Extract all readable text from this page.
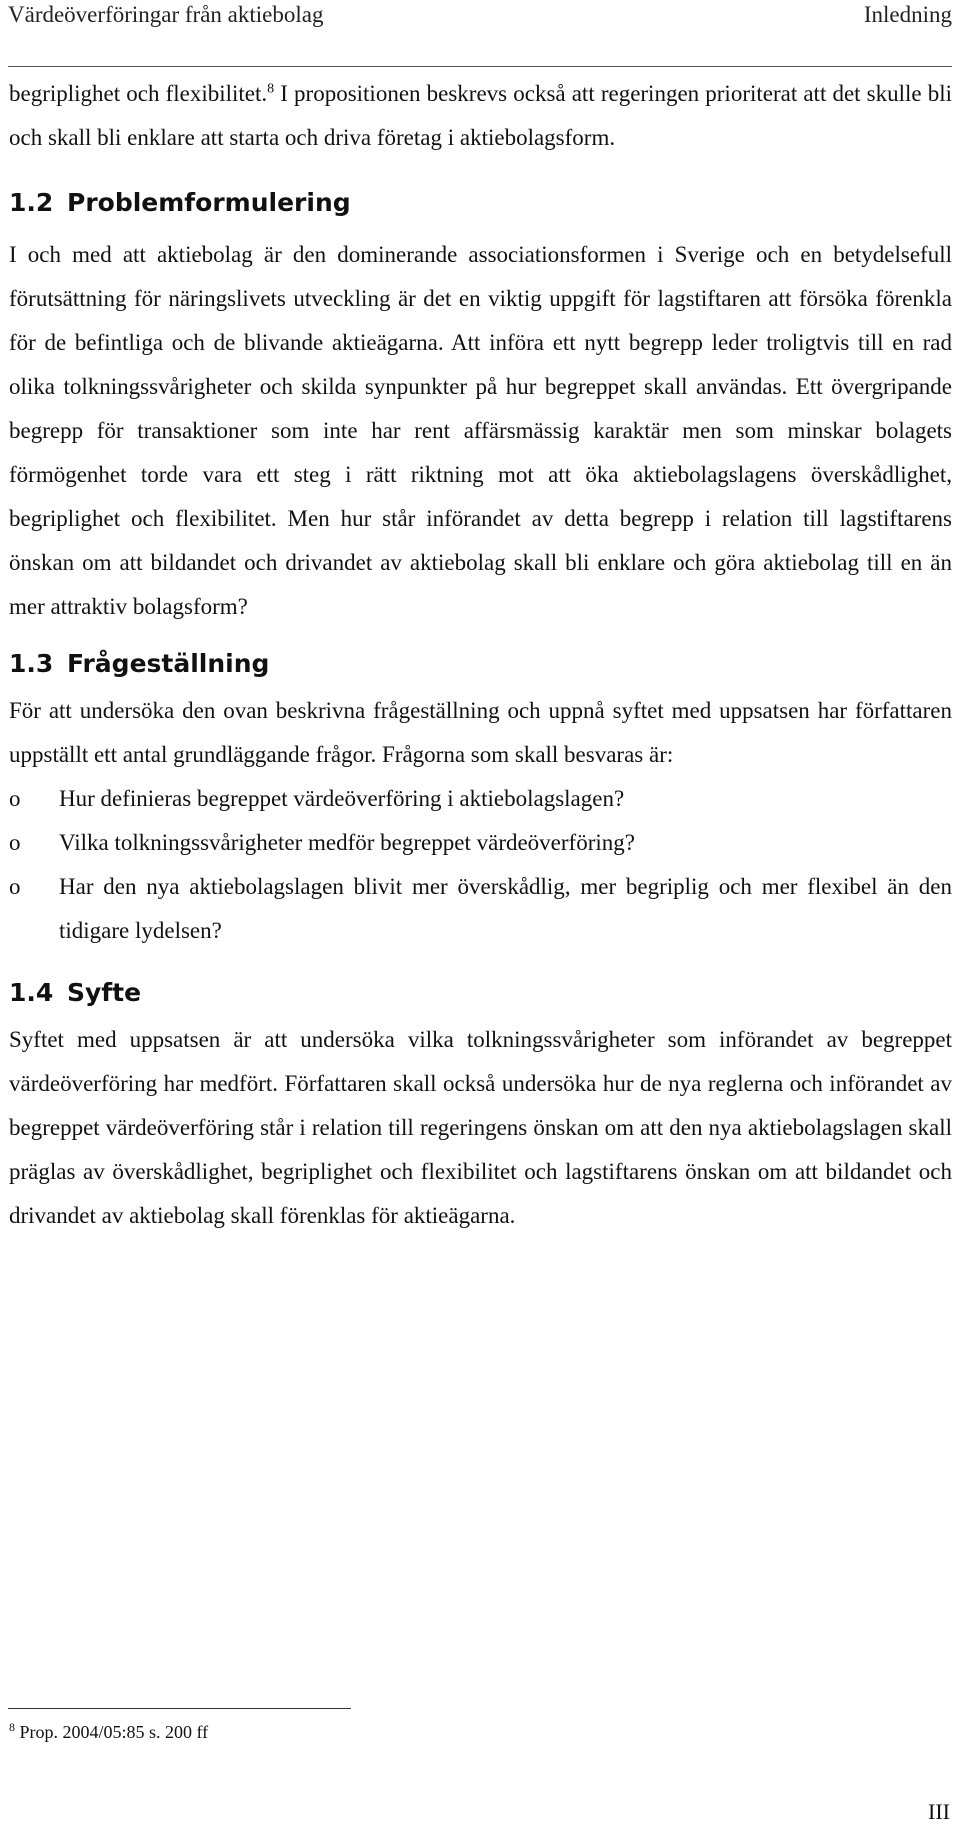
Värdeöverföringar från aktiebolag	Inledning

begriplighet och flexibilitet.$^8$ I propositionen beskrevs också att regeringen prioriterat att det skulle bli och skall bli enklare att starta och driva företag i aktiebolagsform.

1.2 Problemformulering

I och med att aktiebolag är den dominerande associationsformen i Sverige och en betydelsefull förutsättning för näringslivets utveckling är det en viktig uppgift för lagstiftaren att försöka förenkla för de befintliga och de blivande aktieägarna. Att införa ett nytt begrepp leder troligtvis till en rad olika tolkningssvårigheter och skilda synpunkter på hur begreppet skall användas. Ett övergripande begrepp för transaktioner som inte har rent affärsmässig karaktär men som minskar bolagets förmögenhet torde vara ett steg i rätt riktning mot att öka aktiebolagslagens överskådlighet, begriplighet och flexibilitet. Men hur står införandet av detta begrepp i relation till lagstiftarens önskan om att bildandet och drivandet av aktiebolag skall bli enklare och göra aktiebolag till en än mer attraktiv bolagsform?

1.3 Frågeställning

För att undersöka den ovan beskrivna frågeställning och uppnå syftet med uppsatsen har författaren uppställt ett antal grundläggande frågor. Frågorna som skall besvaras är:

o Hur definieras begreppet värdeöverföring i aktiebolagslagen?
o Vilka tolkningssvårigheter medför begreppet värdeöverföring?
o Har den nya aktiebolagslagen blivit mer överskådlig, mer begriplig och mer flexibel än den tidigare lydelsen?
1.4 Syfte

Syftet med uppsatsen är att undersöka vilka tolkningssvårigheter som införandet av begreppet värdeöverföring har medfört. Författaren skall också undersöka hur de nya reglerna och införandet av begreppet värdeöverföring står i relation till regeringens önskan om att den nya aktiebolagslagen skall präglas av överskådlighet, begriplighet och flexibilitet och lagstiftarens önskan om att bildandet och drivandet av aktiebolag skall förenklas för aktieägarna.

$^8$ Prop. 2004/05:85 s. 200 ff
III
